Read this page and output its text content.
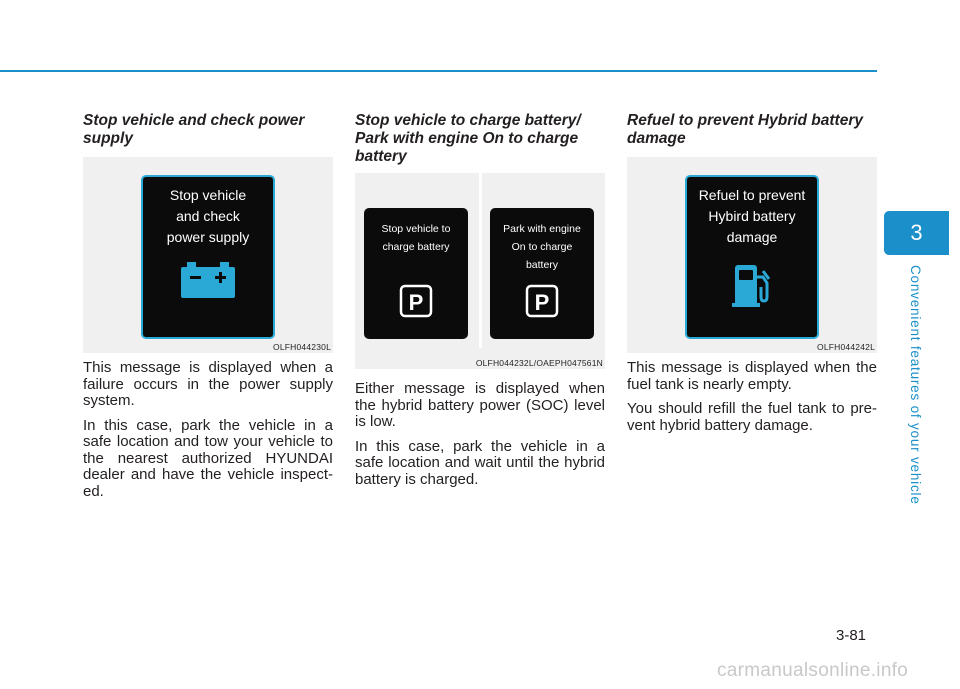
Stop vehicle and check power supply
Stop vehicle
and check
power supply
OLFH044230L

This message is displayed when a failure occurs in the power supply system.

In this case, park the vehicle in a safe location and tow your vehicle to the nearest authorized HYUNDAI dealer and have the vehicle inspect-ed.

Stop vehicle to charge battery/ Park with engine On to charge battery
Stop vehicle to
charge battery
P
Park with engine
On to charge
battery
P
OLFH044232L/OAEPH047561N

Either message is displayed when the hybrid battery power (SOC) level is low.

In this case, park the vehicle in a safe location and wait until the hybrid battery is charged.

Refuel to prevent Hybrid battery damage
Refuel to prevent
Hybird battery
damage
OLFH044242L

This message is displayed when the fuel tank is nearly empty.

You should refill the fuel tank to pre-vent hybrid battery damage.

3
Convenient features of your vehicle
3-81
carmanualsonline.info
